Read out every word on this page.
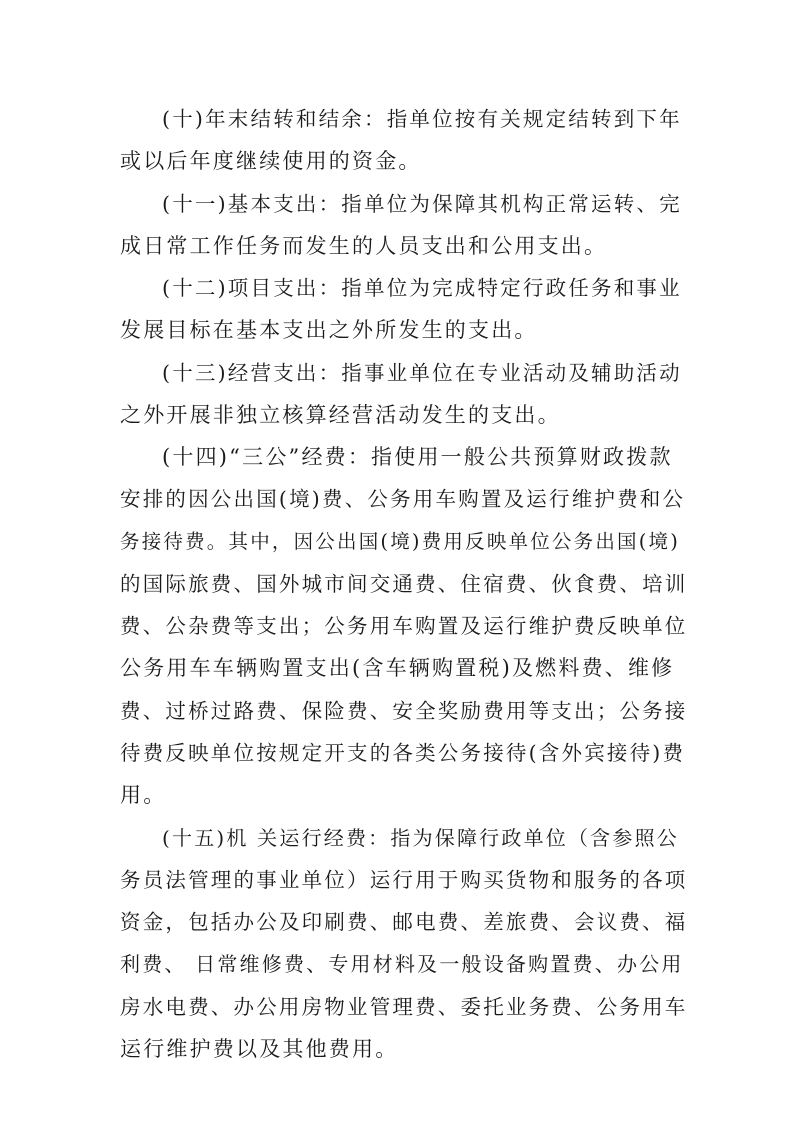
(十)年末结转和结余：指单位按有关规定结转到下年

或以后年度继续使用的资金。

(十一)基本支出：指单位为保障其机构正常运转、完

成日常工作任务而发生的人员支出和公用支出。

(十二)项目支出：指单位为完成特定行政任务和事业

发展目标在基本支出之外所发生的支出。

(十三)经营支出：指事业单位在专业活动及辅助活动

之外开展非独立核算经营活动发生的支出。

(十四)“三公”经费：指使用一般公共预算财政拨款

安排的因公出国(境)费、公务用车购置及运行维护费和公

务接待费。其中，因公出国(境)费用反映单位公务出国(境)

的国际旅费、国外城市间交通费、住宿费、伙食费、培训

费、公杂费等支出；公务用车购置及运行维护费反映单位

公务用车车辆购置支出(含车辆购置税)及燃料费、维修

费、过桥过路费、保险费、安全奖励费用等支出；公务接

待费反映单位按规定开支的各类公务接待(含外宾接待)费

用。

(十五)机 关运行经费：指为保障行政单位（含参照公

务员法管理的事业单位）运行用于购买货物和服务的各项

资金，包括办公及印刷费、邮电费、差旅费、会议费、福

利费、 日常维修费、专用材料及一般设备购置费、办公用

房水电费、办公用房物业管理费、委托业务费、公务用车

运行维护费以及其他费用。
